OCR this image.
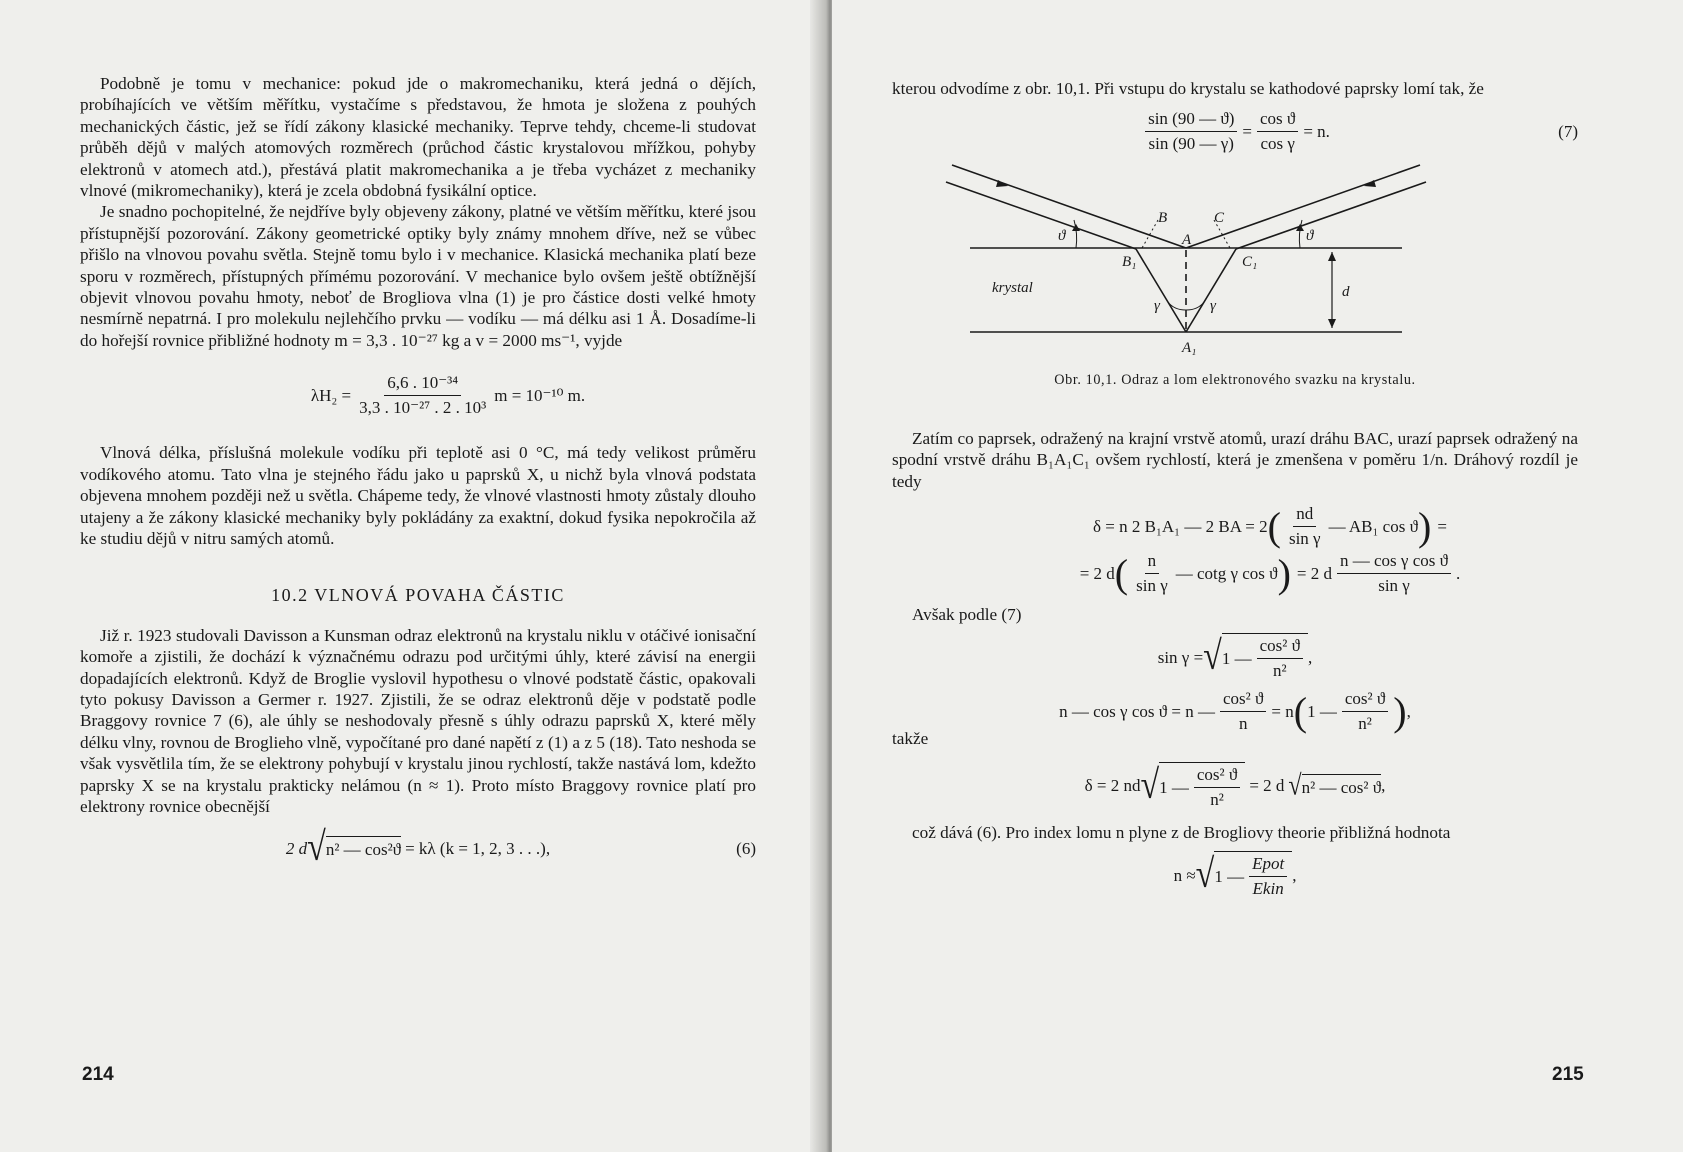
Podobně je tomu v mechanice: pokud jde o makromechaniku, která jedná o dějích, probíhajících ve větším měřítku, vystačíme s představou, že hmota je složena z pouhých mechanických částic, jež se řídí zákony klasické mechaniky. Teprve tehdy, chceme-li studovat průběh dějů v malých atomových rozměrech (průchod částic krystalovou mřížkou, pohyby elektronů v atomech atd.), přestává platit makromechanika a je třeba vycházet z mechaniky vlnové (mikromechaniky), která je zcela obdobná fysikální optice.

Je snadno pochopitelné, že nejdříve byly objeveny zákony, platné ve větším měřítku, které jsou přístupnější pozorování. Zákony geometrické optiky byly známy mnohem dříve, než se vůbec přišlo na vlnovou povahu světla. Stejně tomu bylo i v mechanice. Klasická mechanika platí beze sporu v rozměrech, přístupných přímému pozorování. V mechanice bylo ovšem ještě obtížnější objevit vlnovou povahu hmoty, neboť de Brogliova vlna (1) je pro částice dosti velké hmoty nesmírně nepatrná. I pro molekulu nejlehčího prvku — vodíku — má délku asi 1 Å. Dosadíme-li do hořejší rovnice přibližné hodnoty m = 3,3 . 10⁻²⁷ kg a v = 2000 ms⁻¹, vyjde

$\lambda H_2 = \frac{\text{6,6 . 10⁻³⁴}}{\text{3,3 . 10⁻²⁷ . 2 . 10³}}$ m = 10⁻¹⁰ m.

Vlnová délka, příslušná molekule vodíku při teplotě asi 0 °C, má tedy velikost průměru vodíkového atomu. Tato vlna je stejného řádu jako u paprsků X, u nichž byla vlnová podstata objevena mnohem později než u světla. Chápeme tedy, že vlnové vlastnosti hmoty zůstaly dlouho utajeny a že zákony klasické mechaniky byly pokládány za exaktní, dokud fysika nepokročila až ke studiu dějů v nitru samých atomů.

10.2 VLNOVÁ POVAHA ČÁSTIC

Již r. 1923 studovali Davisson a Kunsman odraz elektronů na krystalu niklu v otáčivé ionisační komoře a zjistili, že dochází k význačnému odrazu pod určitými úhly, které závisí na energii dopadajících elektronů. Když de Broglie vyslovil hypothesu o vlnové podstatě částic, opakovali tyto pokusy Davisson a Germer r. 1927. Zjistili, že se odraz elektronů děje v podstatě podle Braggovy rovnice 7 (6), ale úhly se neshodovaly přesně s úhly odrazu paprsků X, které měly délku vlny, rovnou de Broglieho vlně, vypočítané pro dané napětí z (1) a z 5 (18). Tato neshoda se však vysvětlila tím, že se elektrony pohybují v krystalu jinou rychlostí, takže nastává lom, kdežto paprsky X se na krystalu prakticky nelámou (n ≈ 1). Proto místo Braggovy rovnice platí pro elektrony rovnice obecnější

2 d √ n² — cos²ϑ = kλ (k = 1, 2, 3 . . .),	(6)
214

kterou odvodíme z obr. 10,1. Při vstupu do krystalu se kathodové paprsky lomí tak, že

$\frac{\sin (90 — ϑ)}{\sin (90 — \gamma)} = \frac{\text{cos ϑ}}{\text{cos γ}} = n$.	(7)
B	C
A
B₁	C₁
A₁
ϑ	ϑ
γ	γ
d
krystal
Obr. 10,1. Odraz a lom elektronového svazku na krystalu.

Zatím co paprsek, odražený na krajní vrstvě atomů, urazí dráhu BAC, urazí paprsek odražený na spodní vrstvě dráhu B₁A₁C₁ ovšem rychlostí, která je zmenšena v poměru 1/n. Dráhový rozdíl je tedy

δ = n 2 B₁A₁ — 2 BA = 2 ( $\frac{nd}{\text{sin γ}}$ — AB₁ cos ϑ ) =
= 2 d ( $\frac{n}{\text{sin γ}}$ — cotg γ cos ϑ ) = 2 d $\frac{\text{n — cos γ cos ϑ}}{\text{sin γ}}$ .

Avšak podle (7)

sin γ = √ 1 — $\frac{\text{cos² ϑ}}{\text{n²}}$ ,
n — cos γ cos ϑ = n — $\frac{\text{cos² ϑ}}{n} = n$ ( 1 — $\frac{\text{cos² ϑ}}{\text{n²}}$ ) ,

takže

δ = 2 nd √ 1 — $\frac{\text{cos² ϑ}}{\text{n²}} = 2$ d √ n² — cos² ϑ ,

což dává (6). Pro index lomu n plyne z de Brogliovy theorie přibližná hodnota

n ≈ √ 1 — $\frac{\text{Epot}}{\text{Ekin}}$ ,
215
